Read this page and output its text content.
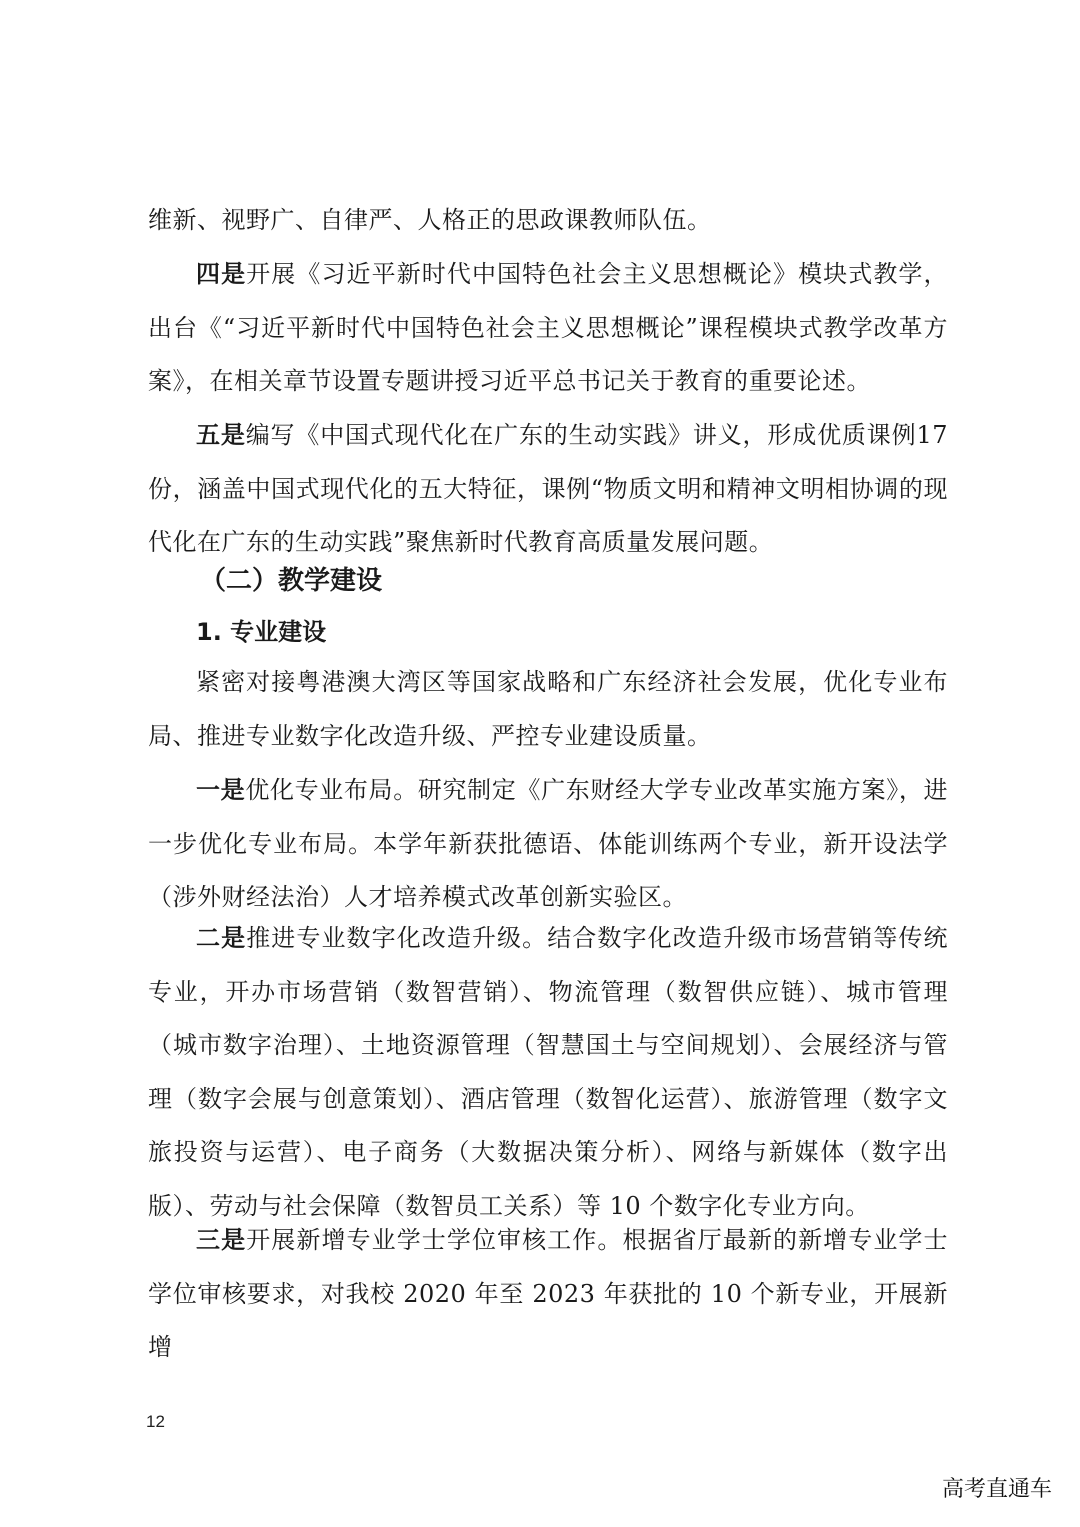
维新、视野广、自律严、人格正的思政课教师队伍。

四是开展《习近平新时代中国特色社会主义思想概论》模块式教学，出台《“习近平新时代中国特色社会主义思想概论”课程模块式教学改革方案》，在相关章节设置专题讲授习近平总书记关于教育的重要论述。

五是编写《中国式现代化在广东的生动实践》讲义，形成优质课例17份，涵盖中国式现代化的五大特征，课例“物质文明和精神文明相协调的现代化在广东的生动实践”聚焦新时代教育高质量发展问题。

（二）教学建设
1. 专业建设

紧密对接粤港澳大湾区等国家战略和广东经济社会发展，优化专业布局、推进专业数字化改造升级、严控专业建设质量。

一是优化专业布局。研究制定《广东财经大学专业改革实施方案》，进一步优化专业布局。本学年新获批德语、体能训练两个专业，新开设法学（涉外财经法治）人才培养模式改革创新实验区。

二是推进专业数字化改造升级。结合数字化改造升级市场营销等传统专业，开办市场营销（数智营销）、物流管理（数智供应链）、城市管理（城市数字治理）、土地资源管理（智慧国土与空间规划）、会展经济与管理（数字会展与创意策划）、酒店管理（数智化运营）、旅游管理（数字文旅投资与运营）、电子商务（大数据决策分析）、网络与新媒体（数字出版）、劳动与社会保障（数智员工关系）等 10 个数字化专业方向。

三是开展新增专业学士学位审核工作。根据省厅最新的新增专业学士学位审核要求，对我校 2020 年至 2023 年获批的 10 个新专业，开展新增

12
高考直通车
